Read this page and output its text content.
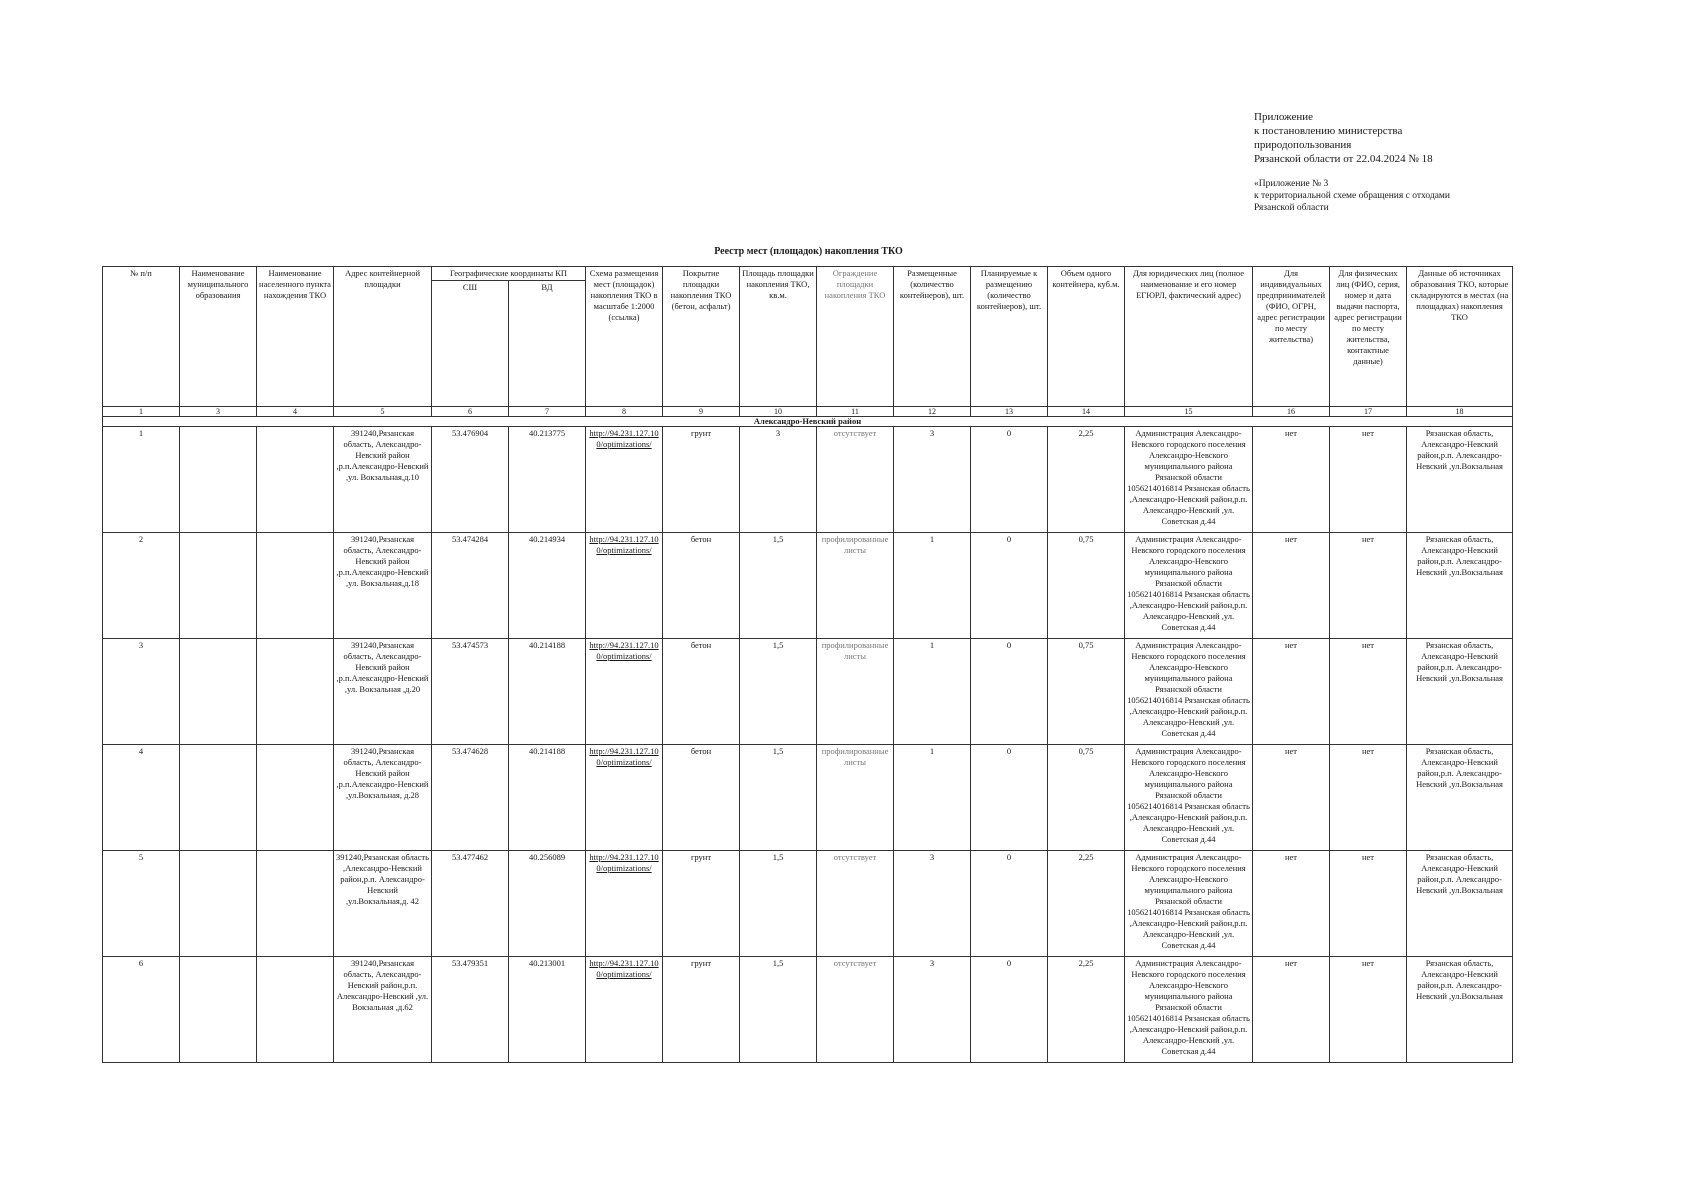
Приложение
к постановлению министерства
природопользования
Рязанской области от 22.04.2024 № 18
«Приложение № 3
к территориальной схеме обращения с отходами
Рязанской области
Реестр мест (площадок) накопления ТКО
№ п/п	Наименование муниципального образования	Наименование населенного пункта нахождения ТКО	Адрес контейнерной площадки	Географические координаты КП		Схема размещения мест (площадок) накопления ТКО в масштабе 1:2000 (ссылка)	Покрытие площадки накопления ТКО (бетон, асфальт)	Площадь площадки накопления ТКО, кв.м.	Ограждение площадки накопления ТКО	Размещенные (количество контейнеров), шт.	Планируемые к размещению (количество контейнеров), шт.	Объем одного контейнера, куб.м.	Для юридических лиц (полное наименование и его номер ЕГЮРЛ, фактический адрес)	Для индивидуальных предпринимателей (ФИО, ОГРН, адрес регистрации по месту жительства)	Для физических лиц (ФИО, серия, номер и дата выдачи паспорта, адрес регистрации по месту жительства, контактные данные)	Данные об источниках образования ТКО, которые складируются в местах (на площадках) накопления ТКО
				СШ	ВД											
1	3	4	5	6	7	8	9	10	11	12	13	14	15	16	17	18
Александро-Невский район																
1			391240,Рязанская область, Александро-Невский район ,р.п.Александро-Невский ,ул. Вокзальная,д.10	53.476904	40.213775	http://94.231.127.100/optimizations/	грунт	3	отсутствует	3	0	2,25	Администрация Александро-Невского городского поселения Александро-Невского муниципального района Рязанской области 1056214016814 Рязанская область ,Александро-Невский район,р.п. Александро-Невский ,ул. Советская д.44	нет	нет	Рязанская область, Александро-Невский район,р.п. Александро-Невский ,ул.Вокзальная
2			391240,Рязанская область, Александро-Невский район ,р.п.Александро-Невский ,ул. Вокзальная,д.18	53.474284	40.214934	http://94.231.127.100/optimizations/	бетон	1,5	профилированные листы	1	0	0,75	Администрация Александро-Невского городского поселения Александро-Невского муниципального района Рязанской области 1056214016814 Рязанская область ,Александро-Невский район,р.п. Александро-Невский ,ул. Советская д.44	нет	нет	Рязанская область, Александро-Невский район,р.п. Александро-Невский ,ул.Вокзальная
3			391240,Рязанская область, Александро-Невский район ,р.п.Александро-Невский ,ул. Вокзальная ,д.20	53.474573	40.214188	http://94.231.127.100/optimizations/	бетон	1,5	профилированные листы	1	0	0,75	Администрация Александро-Невского городского поселения Александро-Невского муниципального района Рязанской области 1056214016814 Рязанская область ,Александро-Невский район,р.п. Александро-Невский ,ул. Советская д.44	нет	нет	Рязанская область, Александро-Невский район,р.п. Александро-Невский ,ул.Вокзальная
4			391240,Рязанская область, Александро-Невский район ,р.п.Александро-Невский ,ул.Вокзальная, д.28	53.474628	40.214188	http://94.231.127.100/optimizations/	бетон	1,5	профилированные листы	1	0	0,75	Администрация Александро-Невского городского поселения Александро-Невского муниципального района Рязанской области 1056214016814 Рязанская область ,Александро-Невский район,р.п. Александро-Невский ,ул. Советская д.44	нет	нет	Рязанская область, Александро-Невский район,р.п. Александро-Невский ,ул.Вокзальная
5			391240,Рязанская область ,Александро-Невский район,р.п. Александро-Невский ,ул.Вокзальная,д. 42	53.477462	40.256089	http://94.231.127.100/optimizations/	грунт	1,5	отсутствует	3	0	2,25	Администрация Александро-Невского городского поселения Александро-Невского муниципального района Рязанской области 1056214016814 Рязанская область ,Александро-Невский район,р.п. Александро-Невский ,ул. Советская д.44	нет	нет	Рязанская область, Александро-Невский район,р.п. Александро-Невский ,ул.Вокзальная
6			391240,Рязанская область, Александро-Невский район,р.п. Александро-Невский ,ул. Вокзальная ,д.62	53.479351	40.213001	http://94.231.127.100/optimizations/	грунт	1,5	отсутствует	3	0	2,25	Администрация Александро-Невского городского поселения Александро-Невского муниципального района Рязанской области 1056214016814 Рязанская область ,Александро-Невский район,р.п. Александро-Невский ,ул. Советская д.44	нет	нет	Рязанская область, Александро-Невский район,р.п. Александро-Невский ,ул.Вокзальная
